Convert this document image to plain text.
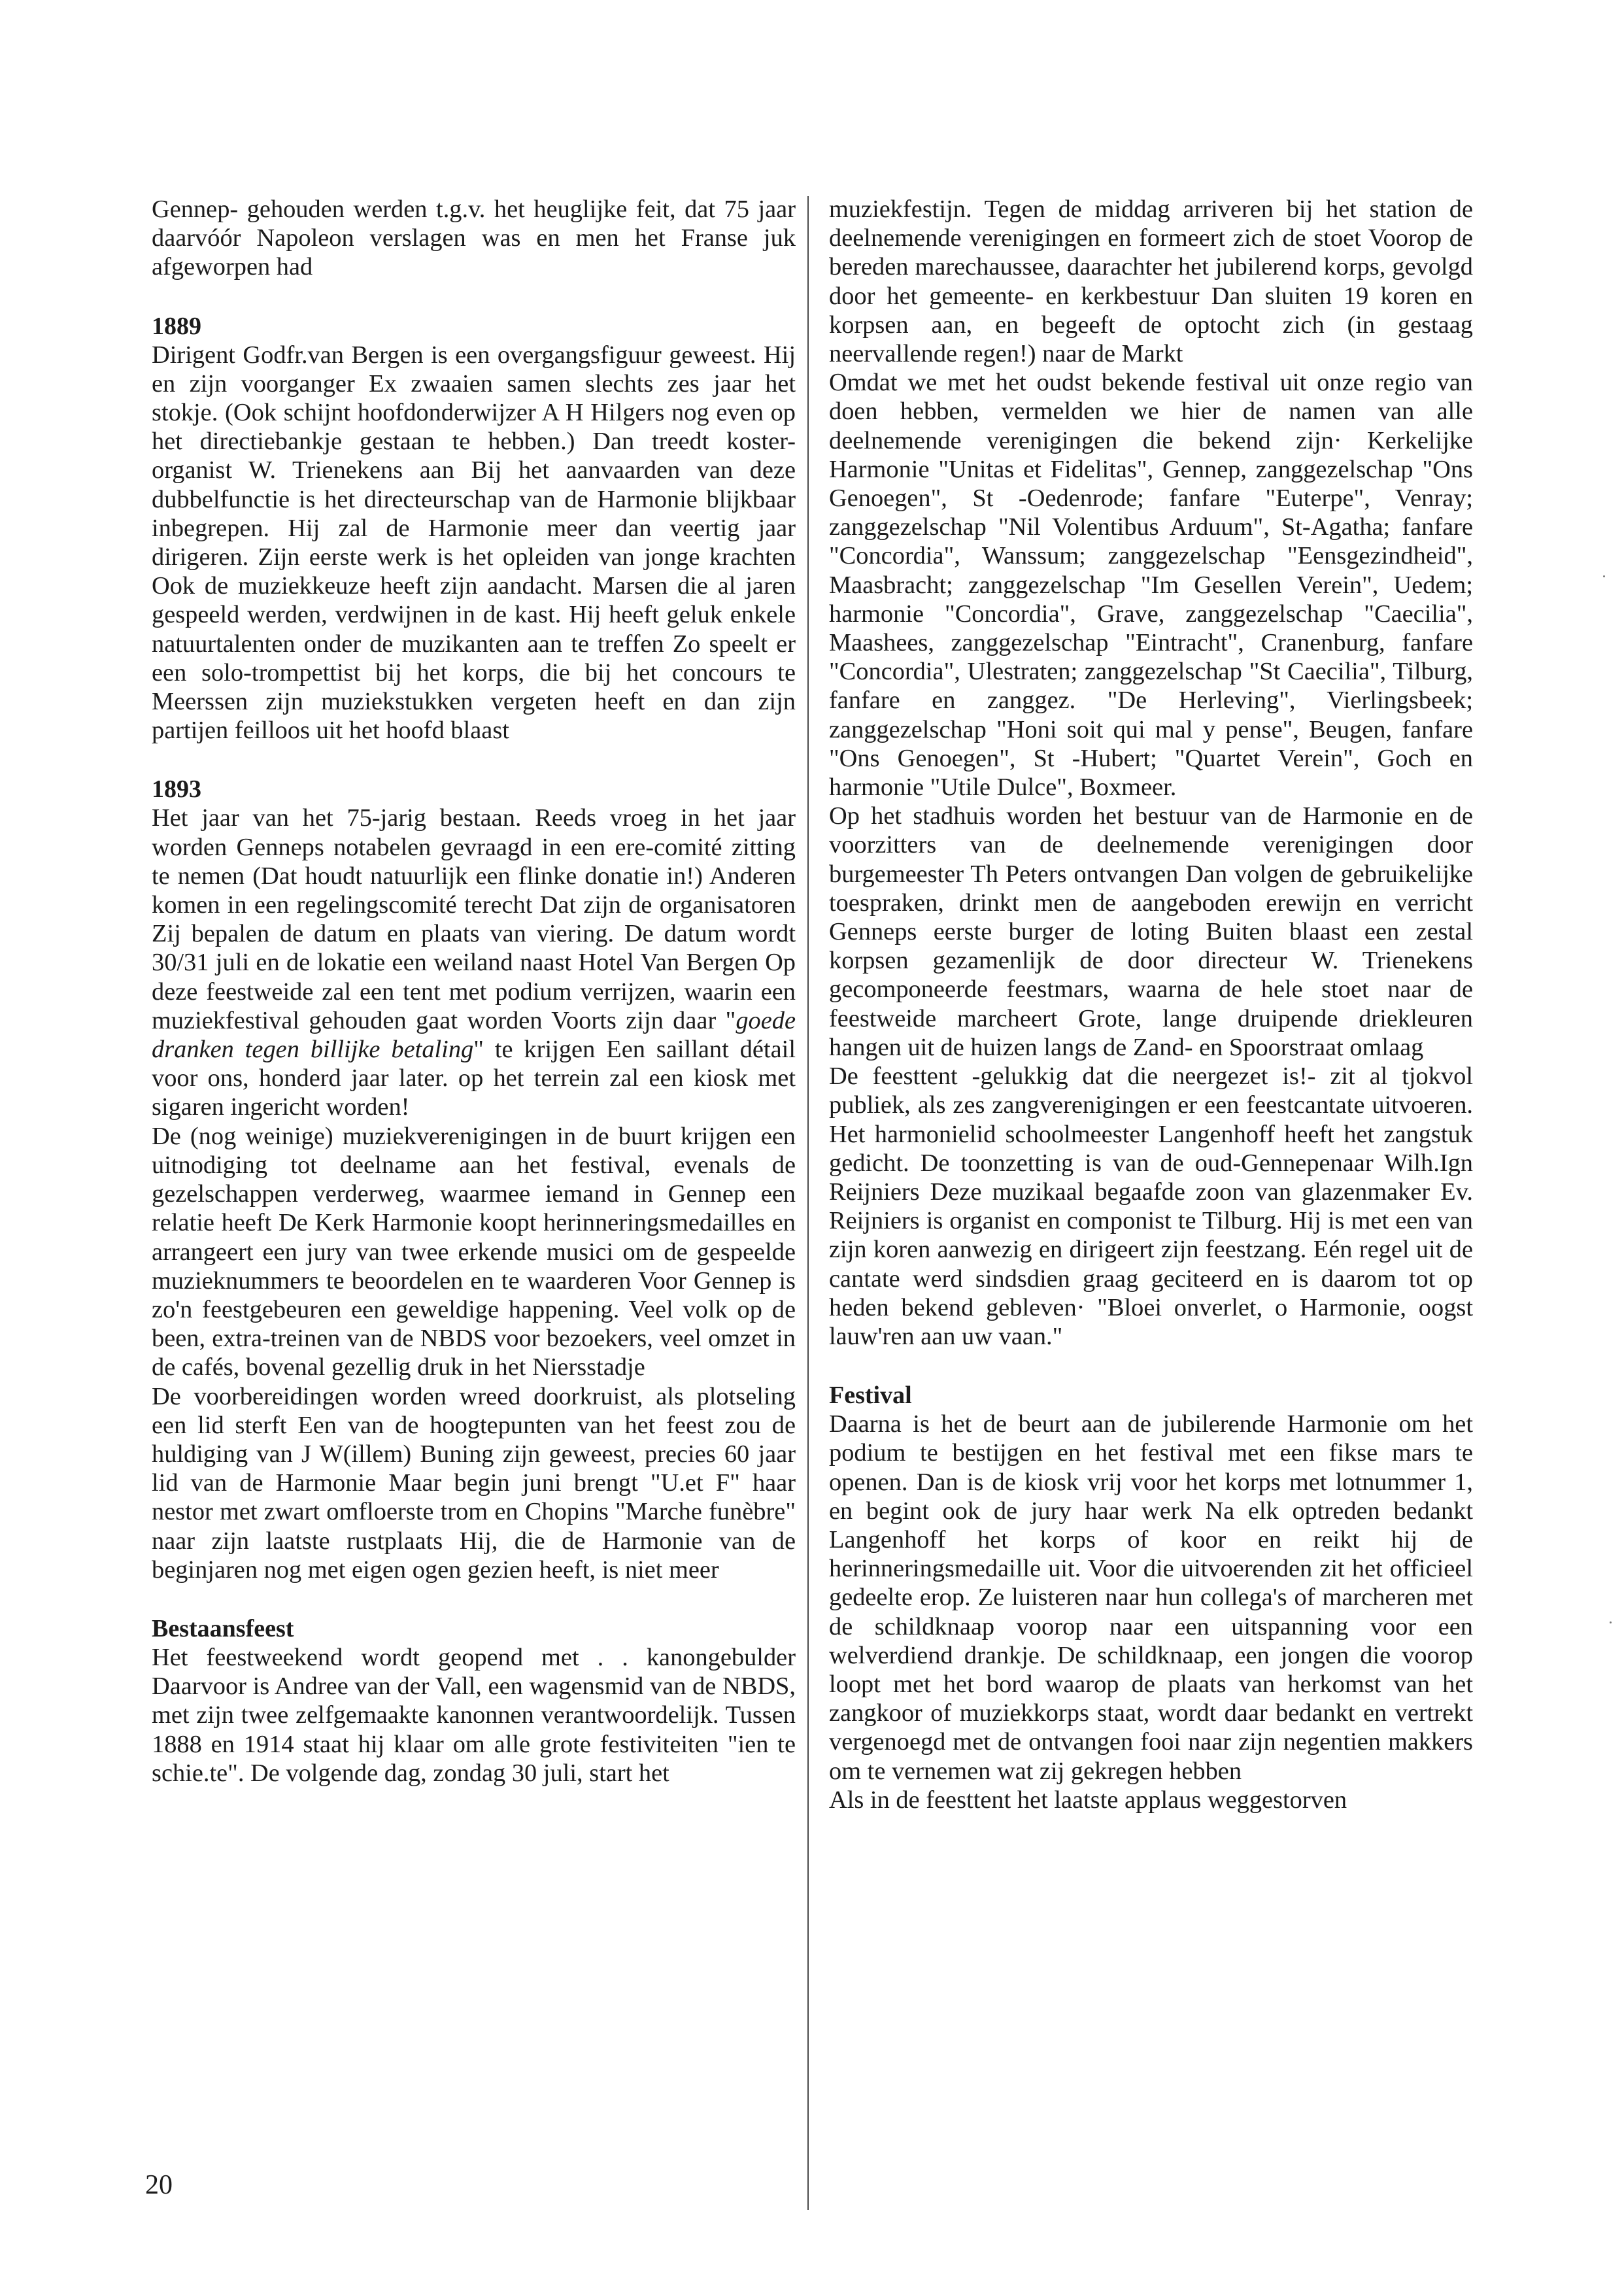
Gennep- gehouden werden t.g.v. het heuglijke feit, dat 75 jaar daarvóór Napoleon verslagen was en men het Franse juk afgeworpen had

1889

Dirigent Godfr.van Bergen is een overgangsfiguur geweest. Hij en zijn voorganger Ex zwaaien samen slechts zes jaar het stokje. (Ook schijnt hoofdonderwijzer A H Hilgers nog even op het directiebankje gestaan te hebben.) Dan treedt koster-organist W. Trienekens aan Bij het aanvaarden van deze dubbelfunctie is het directeurschap van de Harmonie blijkbaar inbegrepen. Hij zal de Harmonie meer dan veertig jaar dirigeren. Zijn eerste werk is het opleiden van jonge krachten Ook de muziekkeuze heeft zijn aandacht. Marsen die al jaren gespeeld werden, verdwijnen in de kast. Hij heeft geluk enkele natuurtalenten onder de muzikanten aan te treffen Zo speelt er een solo-trompettist bij het korps, die bij het concours te Meerssen zijn muziekstukken vergeten heeft en dan zijn partijen feilloos uit het hoofd blaast

1893

Het jaar van het 75-jarig bestaan. Reeds vroeg in het jaar worden Genneps notabelen gevraagd in een ere-comité zitting te nemen (Dat houdt natuurlijk een flinke donatie in!) Anderen komen in een regelingscomité terecht Dat zijn de organisatoren Zij bepalen de datum en plaats van viering. De datum wordt 30/31 juli en de lokatie een weiland naast Hotel Van Bergen Op deze feestweide zal een tent met podium verrijzen, waarin een muziekfestival gehouden gaat worden Voorts zijn daar "goede dranken tegen billijke betaling" te krijgen Een saillant détail voor ons, honderd jaar later. op het terrein zal een kiosk met sigaren ingericht worden!

De (nog weinige) muziekverenigingen in de buurt krijgen een uitnodiging tot deelname aan het festival, evenals de gezelschappen verderweg, waarmee iemand in Gennep een relatie heeft De Kerk Harmonie koopt herinneringsmedailles en arrangeert een jury van twee erkende musici om de gespeelde muzieknummers te beoordelen en te waarderen Voor Gennep is zo'n feestgebeuren een geweldige happening. Veel volk op de been, extra-treinen van de NBDS voor bezoekers, veel omzet in de cafés, bovenal gezellig druk in het Niersstadje

De voorbereidingen worden wreed doorkruist, als plotseling een lid sterft Een van de hoogtepunten van het feest zou de huldiging van J W(illem) Buning zijn geweest, precies 60 jaar lid van de Harmonie Maar begin juni brengt "U.et F" haar nestor met zwart omfloerste trom en Chopins "Marche funèbre" naar zijn laatste rustplaats Hij, die de Harmonie van de beginjaren nog met eigen ogen gezien heeft, is niet meer

Bestaansfeest

Het feestweekend wordt geopend met . . kanongebulder Daarvoor is Andree van der Vall, een wagensmid van de NBDS, met zijn twee zelfgemaakte kanonnen verantwoordelijk. Tussen 1888 en 1914 staat hij klaar om alle grote festiviteiten "ien te schie.te". De volgende dag, zondag 30 juli, start het

muziekfestijn. Tegen de middag arriveren bij het station de deelnemende verenigingen en formeert zich de stoet Voorop de bereden marechaussee, daarachter het jubilerend korps, gevolgd door het gemeente- en kerkbestuur Dan sluiten 19 koren en korpsen aan, en begeeft de optocht zich (in gestaag neervallende regen!) naar de Markt

Omdat we met het oudst bekende festival uit onze regio van doen hebben, vermelden we hier de namen van alle deelnemende verenigingen die bekend zijn· Kerkelijke Harmonie "Unitas et Fidelitas", Gennep, zanggezelschap "Ons Genoegen", St -Oedenrode; fanfare "Euterpe", Venray; zanggezelschap "Nil Volentibus Arduum", St-Agatha; fanfare "Concordia", Wanssum; zanggezelschap "Eensgezindheid", Maasbracht; zanggezelschap "Im Gesellen Verein", Uedem; harmonie "Concordia", Grave, zanggezelschap "Caecilia", Maashees, zanggezelschap "Eintracht", Cranenburg, fanfare "Concordia", Ulestraten; zanggezelschap "St Caecilia", Tilburg, fanfare en zanggez. "De Herleving", Vierlingsbeek; zanggezelschap "Honi soit qui mal y pense", Beugen, fanfare "Ons Genoegen", St -Hubert; "Quartet Verein", Goch en harmonie "Utile Dulce", Boxmeer.

Op het stadhuis worden het bestuur van de Harmonie en de voorzitters van de deelnemende verenigingen door burgemeester Th Peters ontvangen Dan volgen de gebruikelijke toespraken, drinkt men de aangeboden erewijn en verricht Genneps eerste burger de loting Buiten blaast een zestal korpsen gezamenlijk de door directeur W. Trienekens gecomponeerde feestmars, waarna de hele stoet naar de feestweide marcheert Grote, lange druipende driekleuren hangen uit de huizen langs de Zand- en Spoorstraat omlaag

De feesttent -gelukkig dat die neergezet is!- zit al tjokvol publiek, als zes zangverenigingen er een feestcantate uitvoeren. Het harmonielid schoolmeester Langenhoff heeft het zangstuk gedicht. De toonzetting is van de oud-Gennepenaar Wilh.Ign Reijniers Deze muzikaal begaafde zoon van glazenmaker Ev. Reijniers is organist en componist te Tilburg. Hij is met een van zijn koren aanwezig en dirigeert zijn feestzang. Eén regel uit de cantate werd sindsdien graag geciteerd en is daarom tot op heden bekend gebleven· "Bloei onverlet, o Harmonie, oogst lauw'ren aan uw vaan."

Festival

Daarna is het de beurt aan de jubilerende Harmonie om het podium te bestijgen en het festival met een fikse mars te openen. Dan is de kiosk vrij voor het korps met lotnummer 1, en begint ook de jury haar werk Na elk optreden bedankt Langenhoff het korps of koor en reikt hij de herinneringsmedaille uit. Voor die uitvoerenden zit het officieel gedeelte erop. Ze luisteren naar hun collega's of marcheren met de schildknaap voorop naar een uitspanning voor een welverdiend drankje. De schildknaap, een jongen die voorop loopt met het bord waarop de plaats van herkomst van het zangkoor of muziekkorps staat, wordt daar bedankt en vertrekt vergenoegd met de ontvangen fooi naar zijn negentien makkers om te vernemen wat zij gekregen hebben

Als in de feesttent het laatste applaus weggestorven

20
